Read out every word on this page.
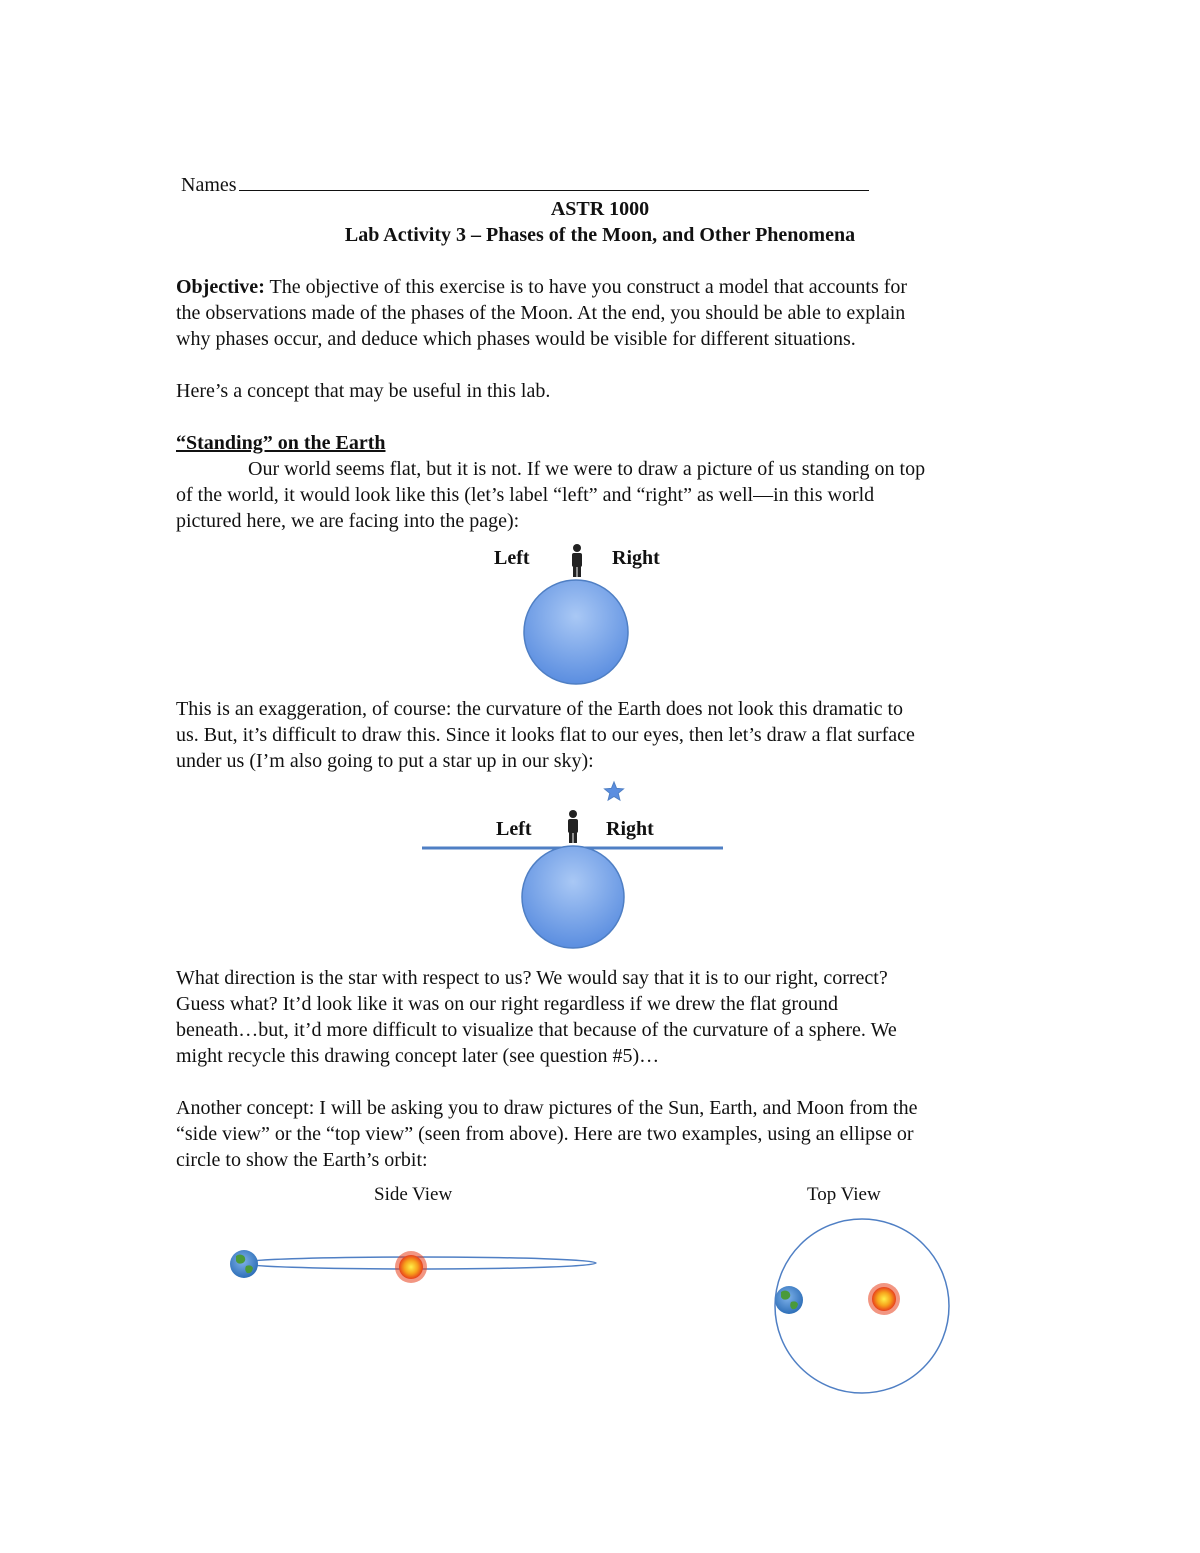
Names
ASTR 1000
Lab Activity 3 – Phases of the Moon, and Other Phenomena
Objective: The objective of this exercise is to have you construct a model that accounts for
the observations made of the phases of the Moon. At the end, you should be able to explain
why phases occur, and deduce which phases would be visible for different situations.
Here’s a concept that may be useful in this lab.
“Standing” on the Earth
Our world seems flat, but it is not. If we were to draw a picture of us standing on top
of the world, it would look like this (let’s label “left” and “right” as well—in this world
pictured here, we are facing into the page):
Left	Right
This is an exaggeration, of course: the curvature of the Earth does not look this dramatic to
us. But, it’s difficult to draw this. Since it looks flat to our eyes, then let’s draw a flat surface
under us (I’m also going to put a star up in our sky):
Left	Right
What direction is the star with respect to us? We would say that it is to our right, correct?
Guess what? It’d look like it was on our right regardless if we drew the flat ground
beneath…but, it’d more difficult to visualize that because of the curvature of a sphere. We
might recycle this drawing concept later (see question #5)…
Another concept: I will be asking you to draw pictures of the Sun, Earth, and Moon from the
“side view” or the “top view” (seen from above). Here are two examples, using an ellipse or
circle to show the Earth’s orbit:
Side View	Top View
